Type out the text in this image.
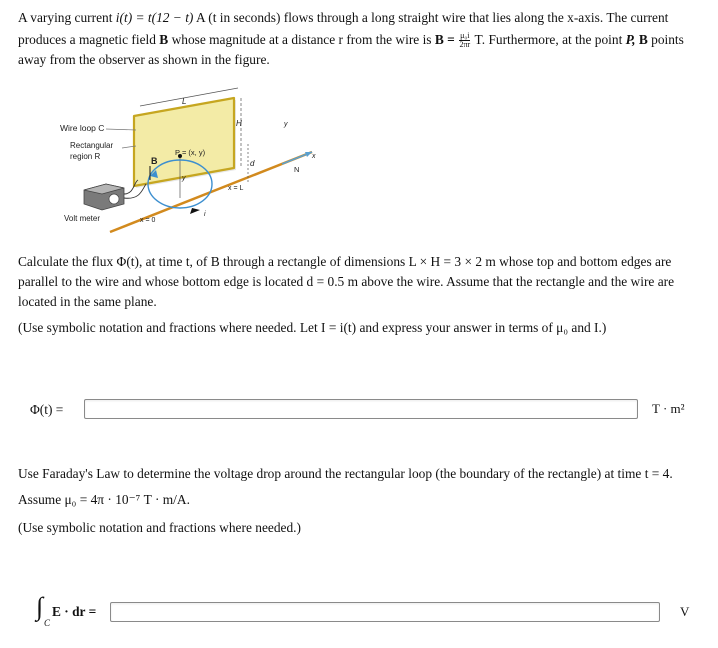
A varying current i(t) = t(12 − t) A (t in seconds) flows through a long straight wire that lies along the x-axis. The current

produces a magnetic field B whose magnitude at a distance r from the wire is $B = \frac{\text{μ₀i}}{2\pi r} T$. Furthermore, at the point P, B points

away from the observer as shown in the figure.

Wire loop C
Rectangular
region R	B
P = (x, y)
H
L
d
y
y
x
N
x = 0
x = L
i
Volt meter

Calculate the flux Φ(t), at time t, of B through a rectangle of dimensions L × H = 3 × 2 m whose top and bottom edges are

parallel to the wire and whose bottom edge is located d = 0.5 m above the wire. Assume that the rectangle and the wire are

located in the same plane.

(Use symbolic notation and fractions where needed. Let I = i(t) and express your answer in terms of μ₀ and I.)

Φ(t) =	T · m²

Use Faraday's Law to determine the voltage drop around the rectangular loop (the boundary of the rectangle) at time t = 4.

Assume μ₀ = 4π · 10⁻⁷ T · m/A.

(Use symbolic notation and fractions where needed.)

∫
C
E · dr =	V
